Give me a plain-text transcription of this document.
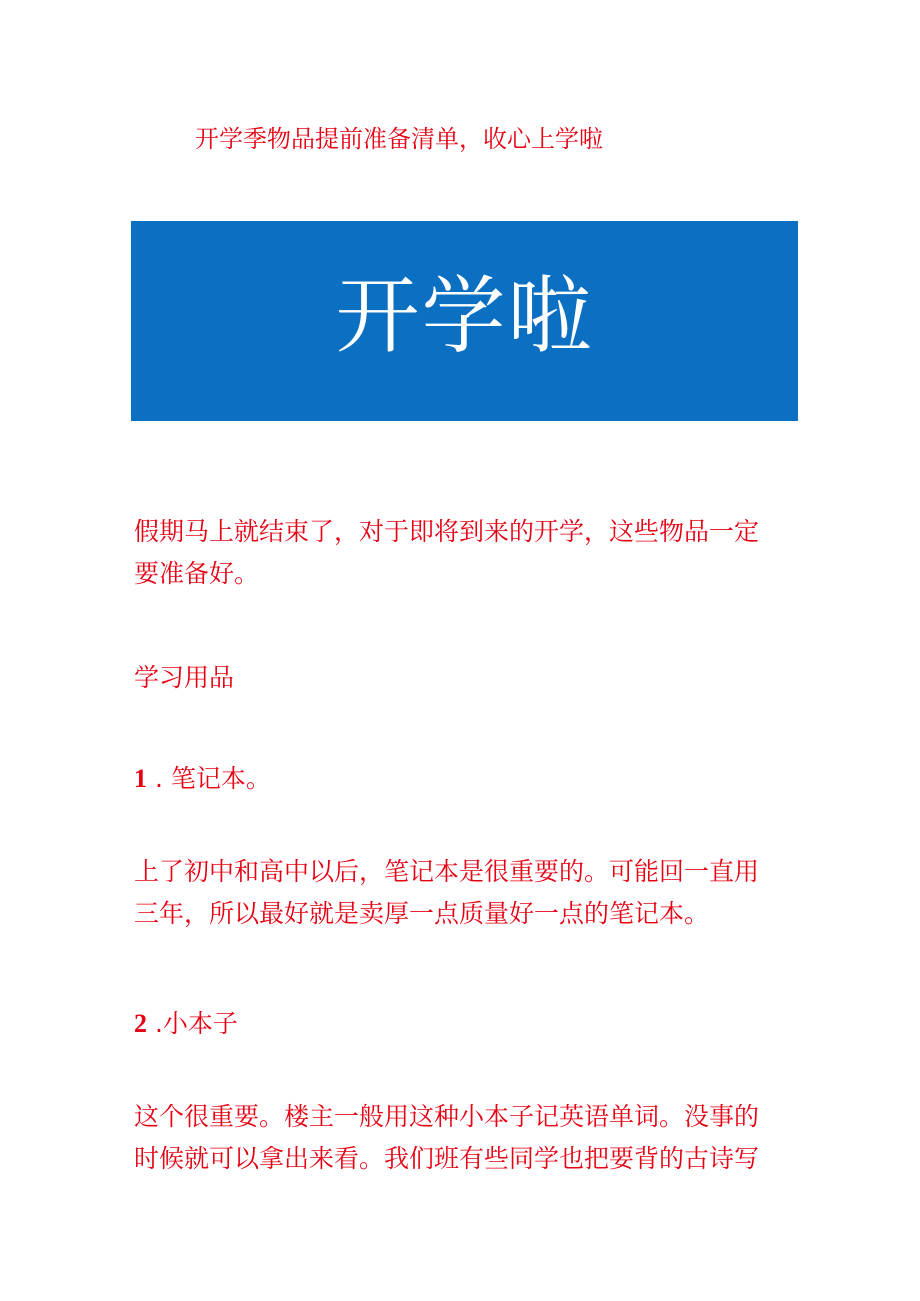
开学季物品提前准备清单，收心上学啦
开学啦
假期马上就结束了，对于即将到来的开学，这些物品一定
要准备好。
学习用品
1 . 笔记本。
上了初中和高中以后，笔记本是很重要的。可能回一直用
三年，所以最好就是卖厚一点质量好一点的笔记本。
2 .小本子
这个很重要。楼主一般用这种小本子记英语单词。没事的
时候就可以拿出来看。我们班有些同学也把要背的古诗写
